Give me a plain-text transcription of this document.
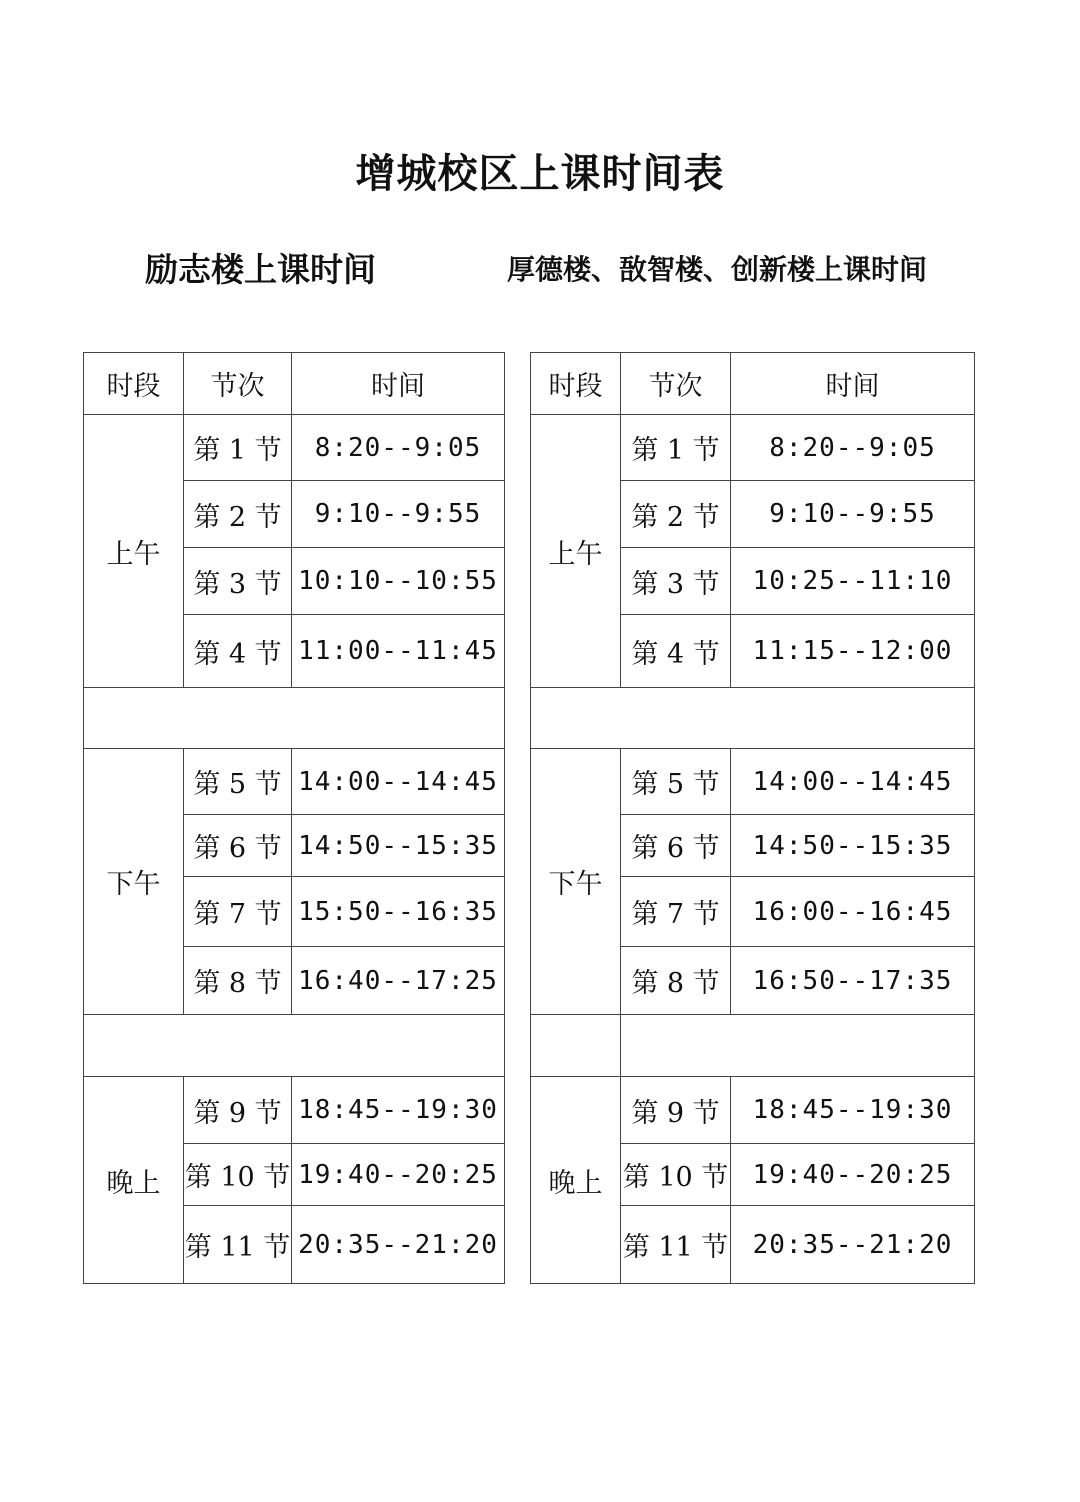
增城校区上课时间表
励志楼上课时间	厚德楼、敔智楼、创新楼上课时间
时段	节次	时间
上午	第 1 节	8:20--9:05
	第 2 节	9:10--9:55
	第 3 节	10:10--10:55
	第 4 节	11:00--11:45

下午	第 5 节	14:00--14:45
	第 6 节	14:50--15:35
	第 7 节	15:50--16:35
	第 8 节	16:40--17:25

晚上	第 9 节	18:45--19:30
	第 10 节	19:40--20:25
	第 11 节	20:35--21:20
时段	节次	时间
上午	第 1 节	8:20--9:05
	第 2 节	9:10--9:55
	第 3 节	10:25--11:10
	第 4 节	11:15--12:00

下午	第 5 节	14:00--14:45
	第 6 节	14:50--15:35
	第 7 节	16:00--16:45
	第 8 节	16:50--17:35

晚上	第 9 节	18:45--19:30
	第 10 节	19:40--20:25
	第 11 节	20:35--21:20
